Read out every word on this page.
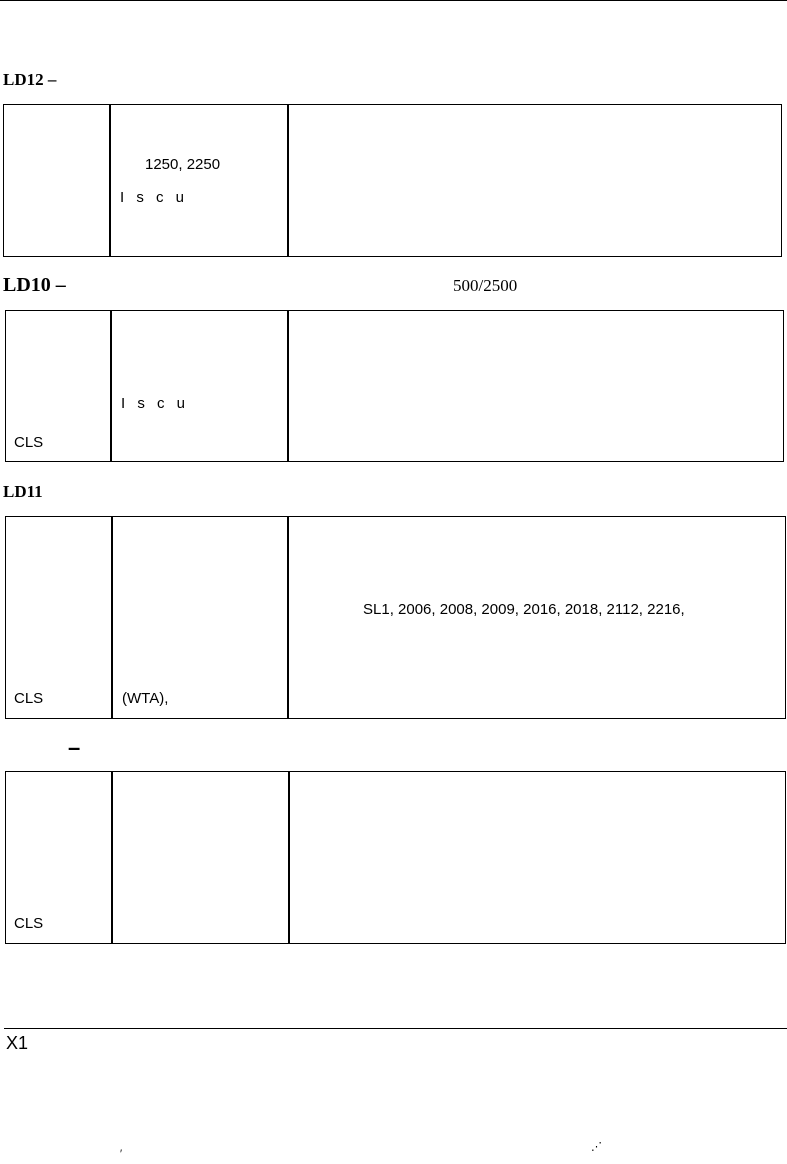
LD12 –
1250, 2250
I s c u
LD10 –	500/2500
CLS
I s c u
LD11
CLS	(WTA),
SL1, 2006, 2008, 2009, 2016, 2018, 2112, 2216,
–
CLS
X1
′
⋰
